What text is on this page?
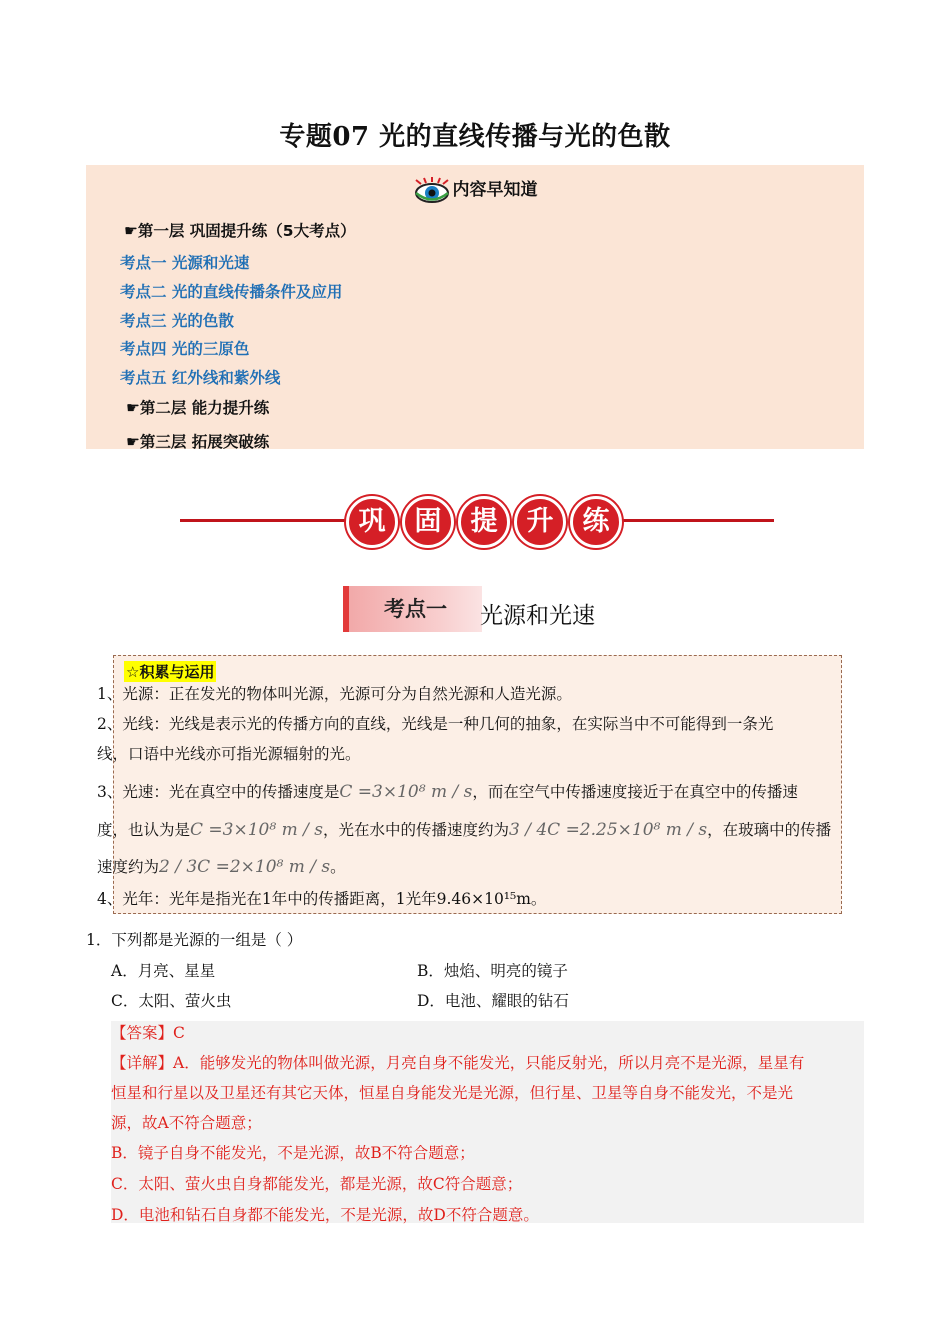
专题07 光的直线传播与光的色散
内容早知道
☛第一层 巩固提升练（5大考点）
考点一 光源和光速
考点二 光的直线传播条件及应用
考点三 光的色散
考点四 光的三原色
考点五 红外线和紫外线
☛第二层 能力提升练
☛第三层 拓展突破练
巩	固	提	升	练
考点一	光源和光速
☆积累与运用
1、光源：正在发光的物体叫光源，光源可分为自然光源和人造光源。
2、光线：光线是表示光的传播方向的直线，光线是一种几何的抽象，在实际当中不可能得到一条光
线，口语中光线亦可指光源辐射的光。
3、光速：光在真空中的传播速度是C =3×10⁸ m / s，而在空气中传播速度接近于在真空中的传播速
度，也认为是C =3×10⁸ m / s，光在水中的传播速度约为3 / 4C =2.25×10⁸ m / s，在玻璃中的传播
速度约为2 / 3C =2×10⁸ m / s。
4、光年：光年是指光在1年中的传播距离，1光年9.46×10¹⁵m。
1．下列都是光源的一组是（ ）
A．月亮、星星	B．烛焰、明亮的镜子
C．太阳、萤火虫	D．电池、耀眼的钻石
【答案】C
【详解】A．能够发光的物体叫做光源，月亮自身不能发光，只能反射光，所以月亮不是光源，星星有
恒星和行星以及卫星还有其它天体，恒星自身能发光是光源，但行星、卫星等自身不能发光，不是光
源，故A不符合题意；
B．镜子自身不能发光，不是光源，故B不符合题意；
C．太阳、萤火虫自身都能发光，都是光源，故C符合题意；
D．电池和钻石自身都不能发光，不是光源，故D不符合题意。
